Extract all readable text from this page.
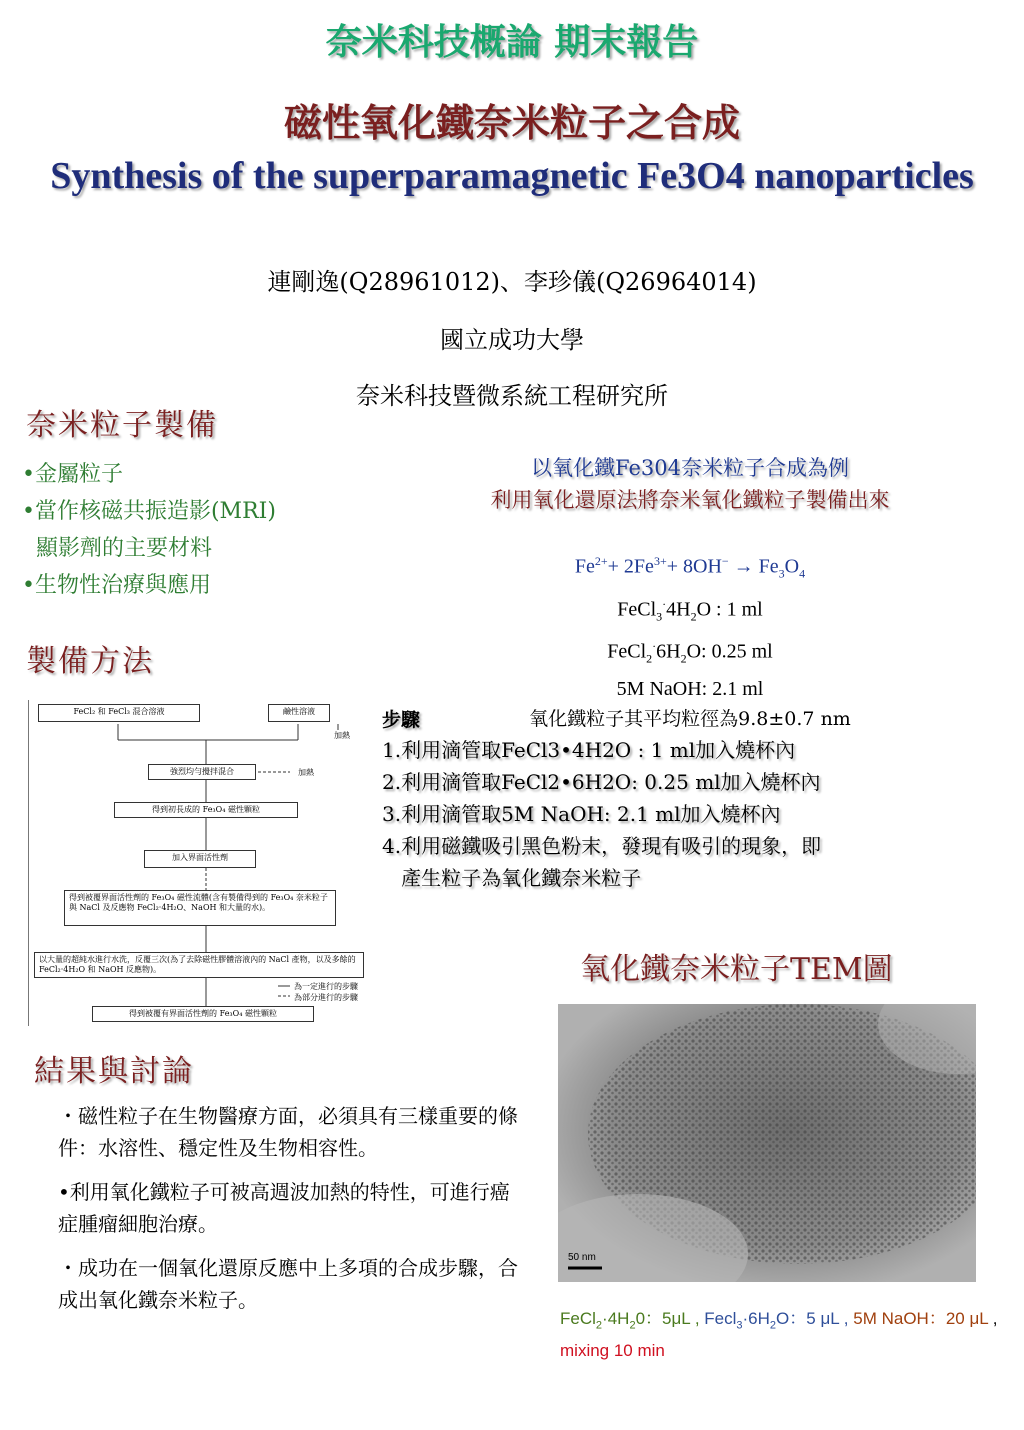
奈米科技概論 期末報告
磁性氧化鐵奈米粒子之合成
Synthesis of the superparamagnetic Fe3O4 nanoparticles
連剛逸(Q28961012)、李珍儀(Q26964014)
國立成功大學
奈米科技暨微系統工程研究所
奈米粒子製備
•金屬粒子
•當作核磁共振造影(MRI)
顯影劑的主要材料
•生物性治療與應用
製備方法
以氧化鐵Fe304奈米粒子合成為例
利用氧化還原法將奈米氧化鐵粒子製備出來
$Fe^{2+}+ 2Fe^{3+}+ 8OH^- \to Fe_3O_4$
$FeCl_3^\cdot 4H_2O$ : 1 ml
$FeCl_2^\cdot 6H_2O$: 0.25 ml
5M NaOH: 2.1 ml
氧化鐵粒子其平均粒徑為9.8±0.7 nm
步驟
1.利用滴管取FeCl3•4H2O : 1 ml加入燒杯內
2.利用滴管取FeCl2•6H2O: 0.25 ml加入燒杯內
3.利用滴管取5M NaOH: 2.1 ml加入燒杯內
4.利用磁鐵吸引黑色粉末，發現有吸引的現象，即
產生粒子為氧化鐵奈米粒子
FeCl₂ 和 FeCl₃ 混合溶液	鹼性溶液
加熱
強烈均勻攪拌混合	加熱
得到初長成的 Fe₃O₄ 磁性顆粒
加入界面活性劑
得到被覆界面活性劑的 Fe₃O₄ 磁性流體(含有製備得到的 Fe₃O₄ 奈米粒子與 NaCl 及反應物 FeCl₂·4H₂O、NaOH 和大量的水)。
以大量的超純水進行水洗，反覆三次(為了去除磁性膠體溶液內的 NaCl 產物，以及多餘的 FeCl₂·4H₂O 和 NaOH 反應物)。
為一定進行的步驟
為部分進行的步驟
得到被覆有界面活性劑的 Fe₃O₄ 磁性顆粒
結果與討論

・磁性粒子在生物醫療方面，必須具有三樣重要的條件：水溶性、穩定性及生物相容性。

•利用氧化鐵粒子可被高週波加熱的特性，可進行癌症腫瘤細胞治療。

・成功在一個氧化還原反應中上多項的合成步驟，合成出氧化鐵奈米粒子。

氧化鐵奈米粒子TEM圖
50 nm
$FeCl_2\cdot 4H_20$：5μL , $Fecl_3\cdot 6H_2O$：5 μL , 5M NaOH：20 μL , mixing 10 min
